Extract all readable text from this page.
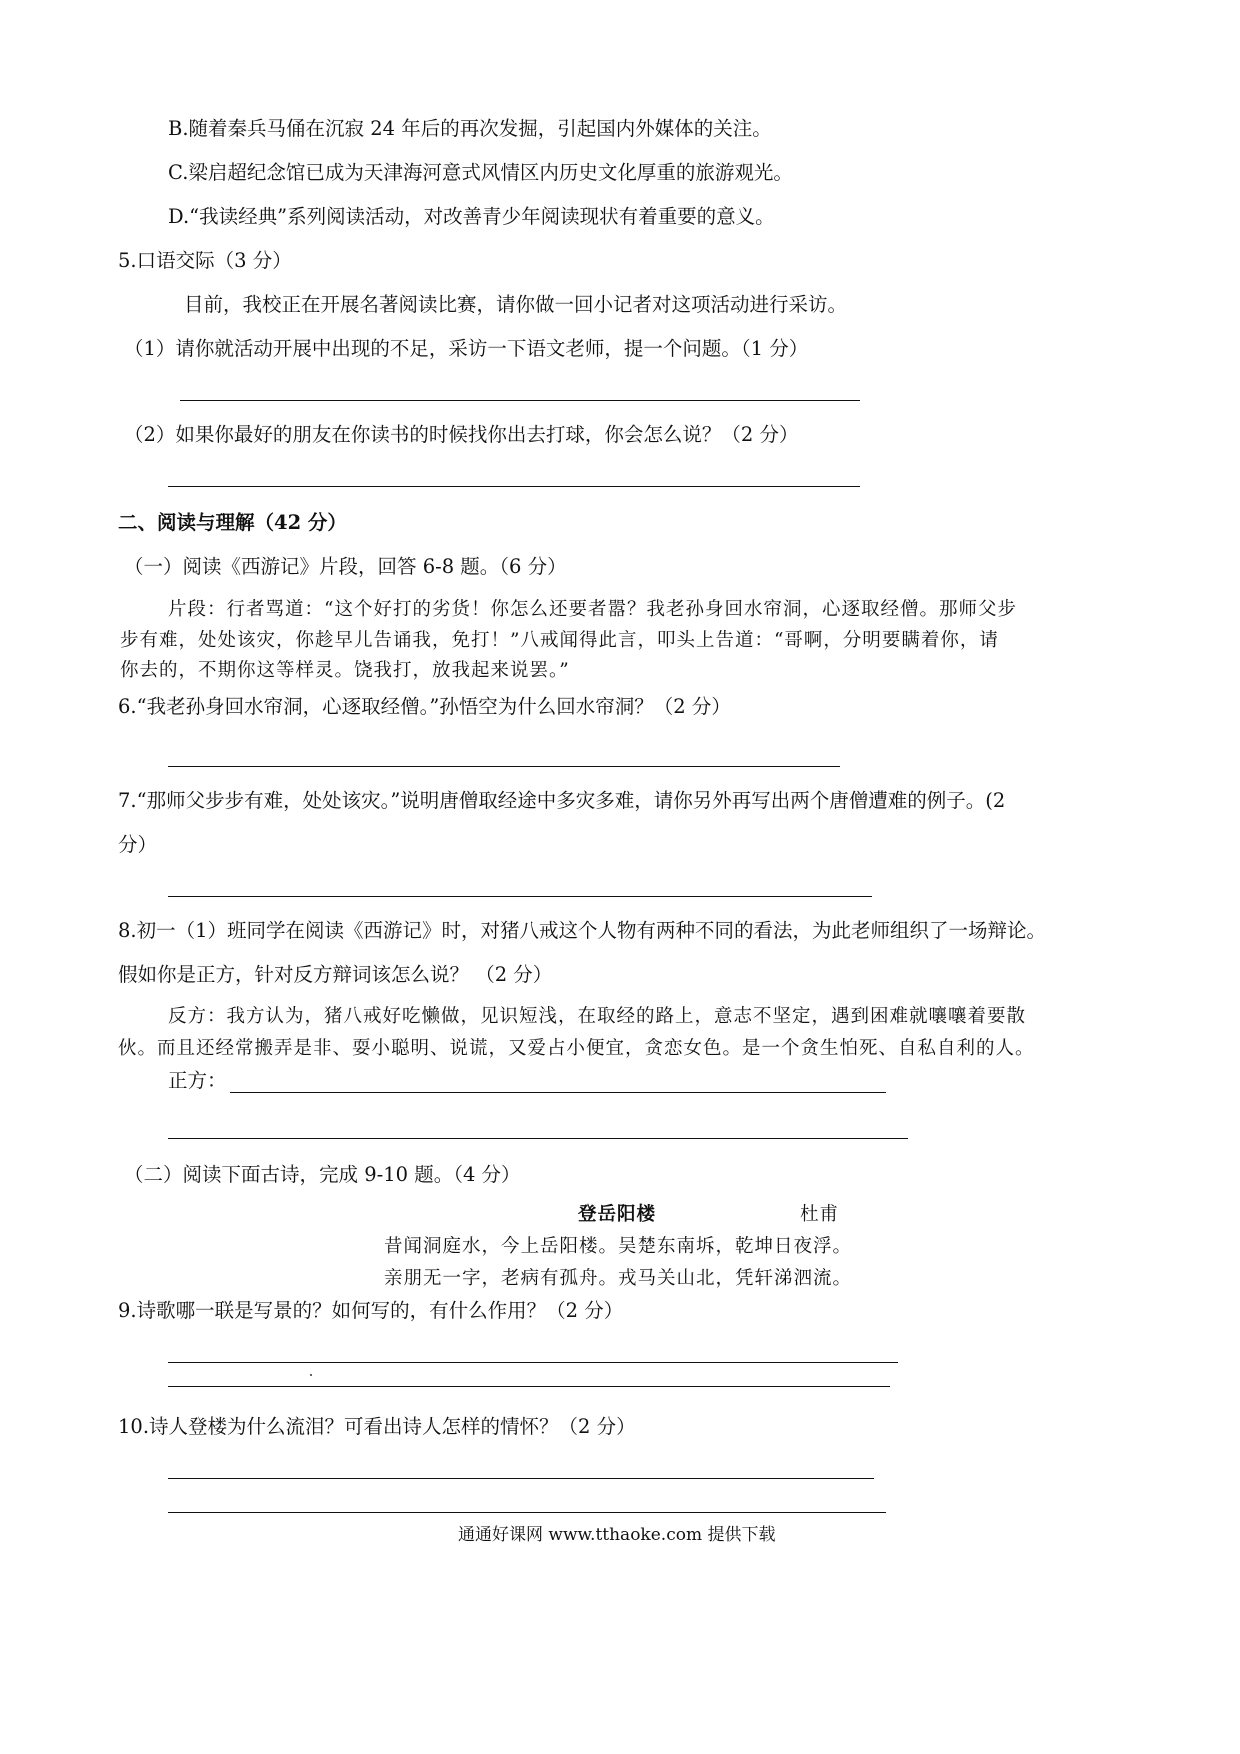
B.随着秦兵马俑在沉寂 24 年后的再次发掘，引起国内外媒体的关注。
C.梁启超纪念馆已成为天津海河意式风情区内历史文化厚重的旅游观光。
D.“我读经典”系列阅读活动，对改善青少年阅读现状有着重要的意义。
5.口语交际（3 分）
目前，我校正在开展名著阅读比赛，请你做一回小记者对这项活动进行采访。
（1）请你就活动开展中出现的不足，采访一下语文老师，提一个问题。（1 分）
（2）如果你最好的朋友在你读书的时候找你出去打球，你会怎么说？（2 分）
二、阅读与理解（42 分）
（一）阅读《西游记》片段，回答 6-8 题。（6 分）
片段：行者骂道：“这个好打的劣货！你怎么还要者嚣？我老孙身回水帘洞，心逐取经僧。那师父步
步有难，处处该灾，你趁早儿告诵我，免打！”八戒闻得此言，叩头上告道：“哥啊，分明要瞒着你，请
你去的，不期你这等样灵。饶我打，放我起来说罢。”
6.“我老孙身回水帘洞，心逐取经僧。”孙悟空为什么回水帘洞？（2 分）
7.“那师父步步有难，处处该灾。”说明唐僧取经途中多灾多难，请你另外再写出两个唐僧遭难的例子。(2
分）
8.初一（1）班同学在阅读《西游记》时，对猪八戒这个人物有两种不同的看法，为此老师组织了一场辩论。
假如你是正方，针对反方辩词该怎么说？ （2 分）
反方：我方认为，猪八戒好吃懒做，见识短浅，在取经的路上，意志不坚定，遇到困难就嚷嚷着要散
伙。而且还经常搬弄是非、耍小聪明、说谎，又爱占小便宜，贪恋女色。是一个贪生怕死、自私自利的人。
正方：
（二）阅读下面古诗，完成 9-10 题。（4 分）
登岳阳楼	杜甫
昔闻洞庭水，今上岳阳楼。吴楚东南坼，乾坤日夜浮。
亲朋无一字，老病有孤舟。戎马关山北，凭轩涕泗流。
9.诗歌哪一联是写景的？如何写的，有什么作用？（2 分）
10.诗人登楼为什么流泪？可看出诗人怎样的情怀？（2 分）
通通好课网 www.tthaoke.com 提供下载
